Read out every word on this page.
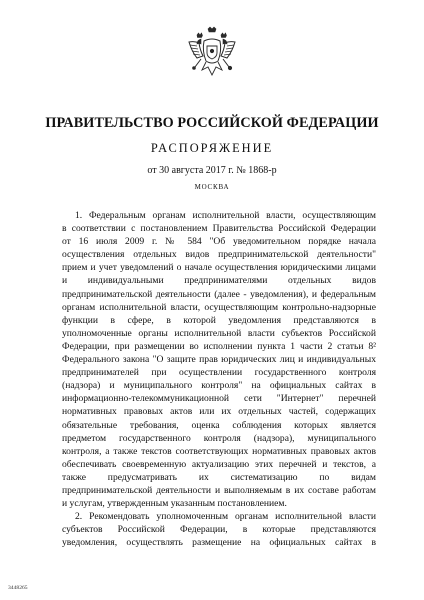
ПРАВИТЕЛЬСТВО РОССИЙСКОЙ ФЕДЕРАЦИИ
РАСПОРЯЖЕНИЕ
от 30 августа 2017 г. № 1868-р
МОСКВА
1. Федеральным органам исполнительной власти, осуществляющим
в соответствии с постановлением Правительства Российской Федерации
от 16 июля 2009 г. № 584 "Об уведомительном порядке начала
осуществления отдельных видов предпринимательской деятельности"
прием и учет уведомлений о начале осуществления юридическими лицами
и индивидуальными предпринимателями отдельных видов
предпринимательской деятельности (далее - уведомления), и федеральным
органам исполнительной власти, осуществляющим контрольно-надзорные
функции в сфере, в которой уведомления представляются в
уполномоченные органы исполнительной власти субъектов Российской
Федерации, при размещении во исполнении пункта 1 части 2 статьи 8²
Федерального закона "О защите прав юридических лиц и индивидуальных
предпринимателей при осуществлении государственного контроля
(надзора) и муниципального контроля" на официальных сайтах в
информационно-телекоммуникационной сети "Интернет" перечней
нормативных правовых актов или их отдельных частей, содержащих
обязательные требования, оценка соблюдения которых является
предметом государственного контроля (надзора), муниципального
контроля, а также текстов соответствующих нормативных правовых актов
обеспечивать своевременную актуализацию этих перечней и текстов, а
также предусматривать их систематизацию по видам
предпринимательской деятельности и выполняемым в их составе работам
и услугам, утвержденным указанным постановлением.
2. Рекомендовать уполномоченным органам исполнительной власти
субъектов Российской Федерации, в которые представляются
уведомления, осуществлять размещение на официальных сайтах в
3448265
